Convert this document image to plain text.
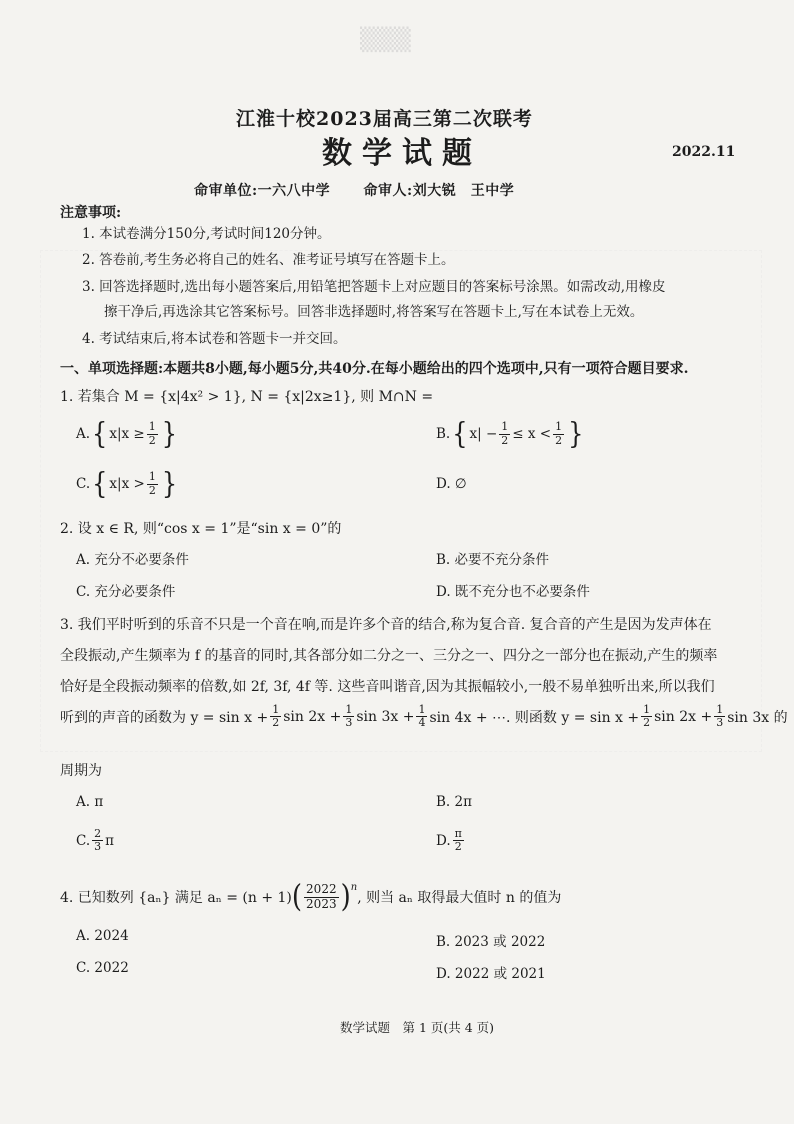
▒▒▒
江淮十校2023届高三第二次联考
数学试题	2022.11
命审单位:一六八中学 命审人:刘大锐　王中学
注意事项:
1. 本试卷满分150分,考试时间120分钟。
2. 答卷前,考生务必将自己的姓名、准考证号填写在答题卡上。
3. 回答选择题时,选出每小题答案后,用铅笔把答题卡上对应题目的答案标号涂黑。如需改动,用橡皮
擦干净后,再选涂其它答案标号。回答非选择题时,将答案写在答题卡上,写在本试卷上无效。
4. 考试结束后,将本试卷和答题卡一并交回。
一、单项选择题:本题共8小题,每小题5分,共40分.在每小题给出的四个选项中,只有一项符合题目要求.
1. 若集合 M = {x|4x² > 1}, N = {x|2x≥1}, 则 M∩N =
A. { $x|x \ge \frac{1}{2}$ }	B. { $x| - \frac{1}{2} \le x < \frac{1}{2}$ }
C. { $x|x > \frac{1}{2}$ }	D. ∅
2. 设 x ∈ R, 则“cos x = 1”是“sin x = 0”的
A. 充分不必要条件	B. 必要不充分条件
C. 充分必要条件	D. 既不充分也不必要条件
3. 我们平时听到的乐音不只是一个音在响,而是许多个音的结合,称为复合音. 复合音的产生是因为发声体在
全段振动,产生频率为 f 的基音的同时,其各部分如二分之一、三分之一、四分之一部分也在振动,产生的频率
恰好是全段振动频率的倍数,如 2f, 3f, 4f 等. 这些音叫谐音,因为其振幅较小,一般不易单独听出来,所以我们
听到的声音的函数为 $y = \sin x + \frac{1}{2}$ $\sin 2x + \frac{1}{3}$ $\sin 3x + \frac{1}{4}$ sin 4x + ⋯. 则函数 $y = \sin x + \frac{1}{2}$ $\sin 2x + \frac{1}{3}$ sin 3x 的
周期为
A. π	B. 2π
C. $\frac{2}{3}$ π	D. $\frac{\pi}{2}$
4. 已知数列 {aₙ} 满足 aₙ = (n + 1) ( $\frac{2022}{2023} )^n$
, 则当 aₙ 取得最大值时 n 的值为
A. 2024	B. 2023 或 2022
C. 2022	D. 2022 或 2021
数学试题　第 1 页(共 4 页)
